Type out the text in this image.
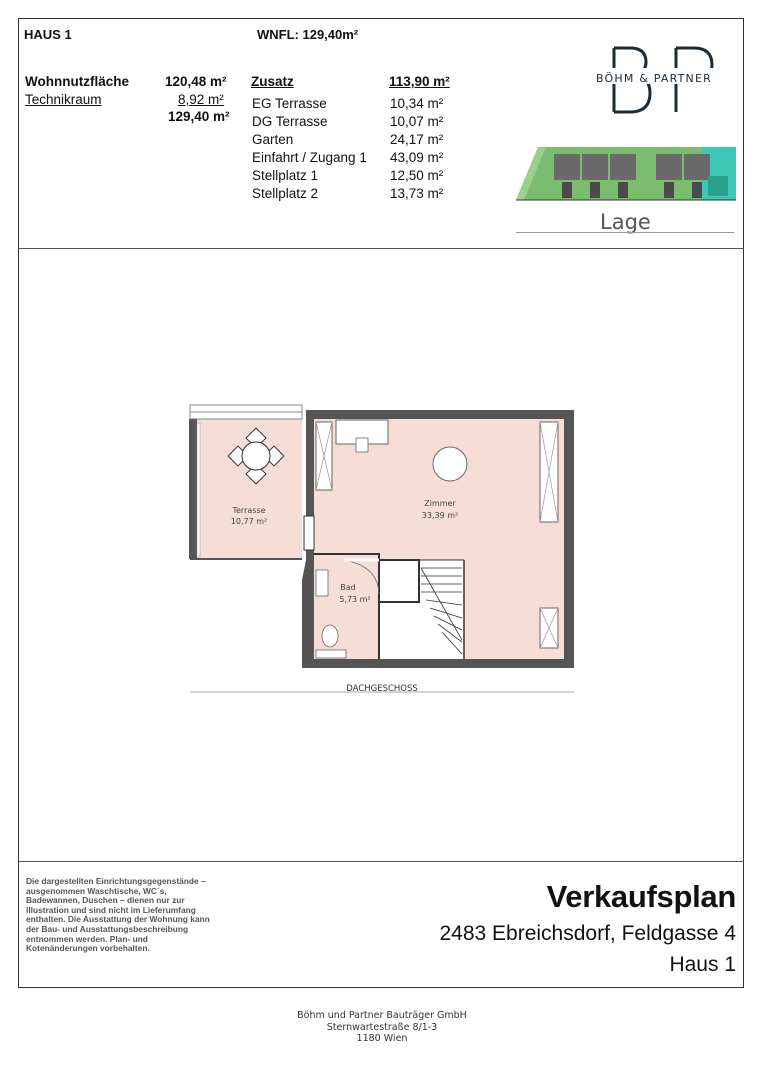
HAUS 1	WNFL: 129,40m²
Wohnnutzfläche	120,48 m²
Technikraum	8,92 m²
129,40 m²
Zusatz	113,90 m²
EG Terrasse	10,34 m²
DG Terrasse	10,07 m²
Garten	24,17 m²
Einfahrt / Zugang 1 43,09 m²
Stellplatz 1	12,50 m²
Stellplatz 2	13,73 m²
BÖHM & PARTNER
Lage
Terrasse
10,77 m²
Zimmer
33,39 m²
Bad
5,73 m²
DACHGESCHOSS
Die dargestellten Einrichtungsgegenstände – ausgenommen Waschtische, WC´s, Badewannen, Duschen – dienen nur zur Illustration und sind nicht im Lieferumfang enthalten. Die Ausstattung der Wohnung kann der Bau- und Ausstattungsbeschreibung entnommen werden. Plan- und Kotenänderungen vorbehalten.
Verkaufsplan
2483 Ebreichsdorf, Feldgasse 4
Haus 1
Böhm und Partner Bauträger GmbH
Sternwartestraße 8/1-3
1180 Wien
